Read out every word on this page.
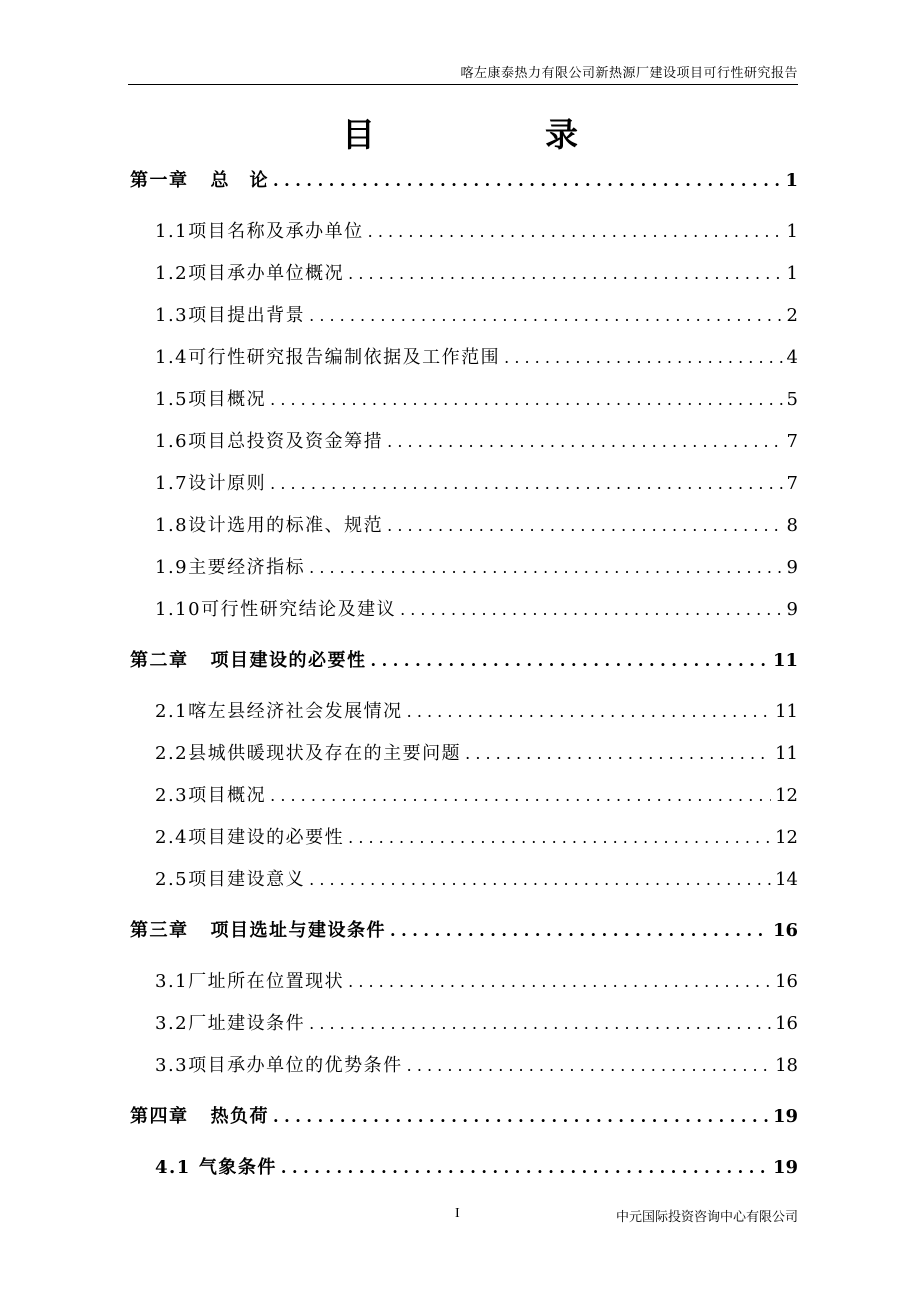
喀左康泰热力有限公司新热源厂建设项目可行性研究报告
目录
第一章	总　论 . . .	1
1.1 项目名称及承办单位 . . .	1
1.2 项目承办单位概况 . . .	1
1.3 项目提出背景 . . .	2
1.4 可行性研究报告编制依据及工作范围 . . .	4
1.5 项目概况 . . .	5
1.6 项目总投资及资金筹措 . . .	7
1.7 设计原则 . . .	7
1.8 设计选用的标准、规范 . . .	8
1.9 主要经济指标 . . .	9
1.10 可行性研究结论及建议 . . .	9
第二章	项目建设的必要性 . . .	11
2.1 喀左县经济社会发展情况 . . .	11
2.2 县城供暖现状及存在的主要问题 . . .	11
2.3 项目概况 . . .	12
2.4 项目建设的必要性 . . .	12
2.5 项目建设意义 . . .	14
第三章	项目选址与建设条件 . . .	16
3.1 厂址所在位置现状 . . .	16
3.2 厂址建设条件 . . .	16
3.3 项目承办单位的优势条件 . . .	18
第四章	热负荷 . . .	19
4.1 气象条件 . . .	19
I	中元国际投资咨询中心有限公司
